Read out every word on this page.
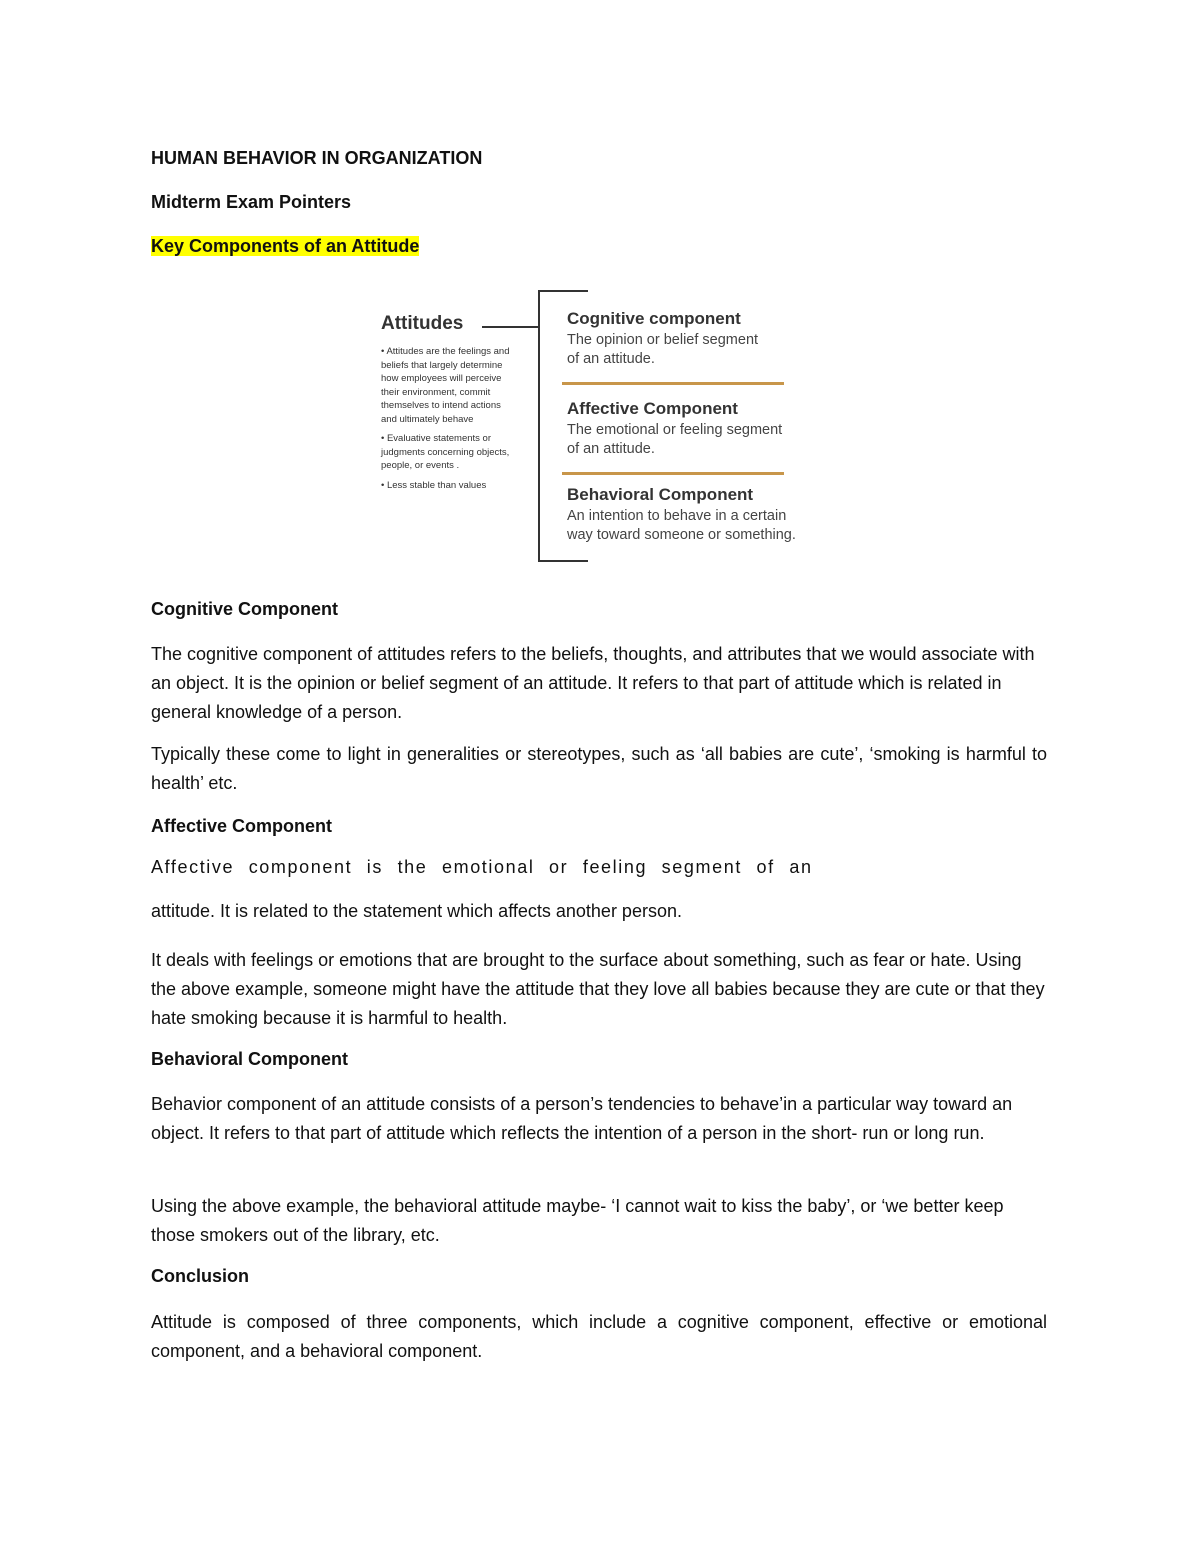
HUMAN BEHAVIOR IN ORGANIZATION

Midterm Exam Pointers

Key Components of an Attitude

Attitudes

• Attitudes are the feelings and beliefs that largely determine how employees will perceive their environment, commit themselves to intend actions and ultimately behave

• Evaluative statements or judgments concerning objects, people, or events .

• Less stable than values

Cognitive component

The opinion or belief segment
of an attitude.

Affective Component

The emotional or feeling segment
of an attitude.

Behavioral Component

An intention to behave in a certain
way toward someone or something.

Cognitive Component

The cognitive component of attitudes refers to the beliefs, thoughts, and attributes that we would associate with an object. It is the opinion or belief segment of an attitude. It refers to that part of attitude which is related in general knowledge of a person.

Typically these come to light in generalities or stereotypes, such as ‘all babies are cute’, ‘smoking is harmful to health’ etc.

Affective Component

Affective component is the emotional or feeling segment of an

attitude. It is related to the statement which affects another person.

It deals with feelings or emotions that are brought to the surface about something, such as fear or hate. Using the above example, someone might have the attitude that they love all babies because they are cute or that they hate smoking because it is harmful to health.

Behavioral Component

Behavior component of an attitude consists of a person’s tendencies to behave’in a particular way toward an object. It refers to that part of attitude which reflects the intention of a person in the short- run or long run.

Using the above example, the behavioral attitude maybe- ‘I cannot wait to kiss the baby’, or ‘we better keep those smokers out of the library, etc.

Conclusion

Attitude is composed of three components, which include a cognitive component, effective or emotional component, and a behavioral component.
